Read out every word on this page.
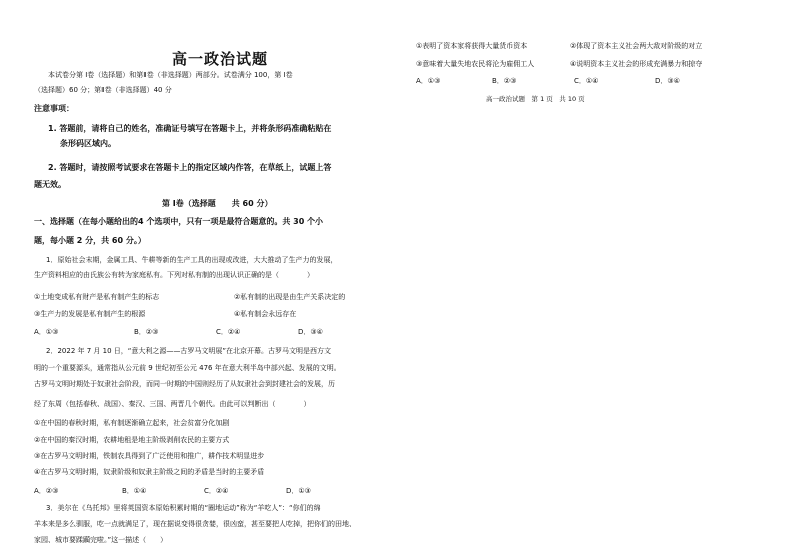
高一政治试题
本试卷分第 Ⅰ卷（选择题）和第Ⅱ卷（非选择题）两部分。试卷满分 100，第 Ⅰ卷
（选择题）60 分；第Ⅱ卷（非选择题）40 分
注意事项：
1. 答题前，请将自己的姓名，准确证号填写在答题卡上，并将条形码准确粘贴在
条形码区域内。
2. 答题时，请按照考试要求在答题卡上的指定区域内作答，在草纸上，试题上答
题无效。
第 Ⅰ卷（选择题　　共 60 分）
一、选择题（在每小题给出的4 个选项中，只有一项是最符合题意的。共 30 个小
题，每小题 2 分，共 60 分。）
1．原始社会末期，金属工具、牛耕等新的生产工具的出现或改进，大大推动了生产力的发展，
生产资料相应的由氏族公有转为家庭私有。下列对私有制的出现认识正确的是（　　　　）
①土地变成私有财产是私有制产生的标志	②私有制的出现是由生产关系决定的
③生产力的发展是私有制产生的根源	④私有制会永远存在
A．①③	B．②③	C．②④	D．③④
2．2022 年 7 月 10 日，“意大利之源——古罗马文明展”在北京开幕。古罗马文明是西方文
明的一个重要源头，通常指从公元前 9 世纪初至公元 476 年在意大利半岛中部兴起、发展的文明。
古罗马文明时期处于奴隶社会阶段，而同一时期的中国则经历了从奴隶社会到封建社会的发展，历
经了东周（包括春秋、战国）、秦汉、三国、两晋几个朝代。由此可以判断出（　　　　）
①在中国的春秋时期，私有制逐渐确立起来，社会贫富分化加剧
②在中国的秦汉时期，农耕地租是地主阶级剥削农民的主要方式
③在古罗马文明时期，铁制农具得到了广泛使用和推广，耕作技术明显进步
④在古罗马文明时期，奴隶阶级和奴隶主阶级之间的矛盾是当时的主要矛盾
A．②③	B．①④	C．②④	D．①③
3．美尔在《乌托邦》里将英国资本原始积累时期的“圈地运动”称为“羊吃人”：“你们的绵
羊本来是多么驯服，吃一点就满足了，现在据说变得很贪婪，很凶蛮，甚至要把人吃掉，把你们的田地、
家园、城市要蹂躏完啦。”这一描述（　　）
①表明了资本家将获得大量货币资本	②体现了资本主义社会两大敌对阶级的对立
③意味着大量失地农民将沦为雇佣工人	④说明资本主义社会的形成充满暴力和掠夺
A．①③	B．②③	C．①④	D．③④
高一政治试题　第 1 页　共 10 页
